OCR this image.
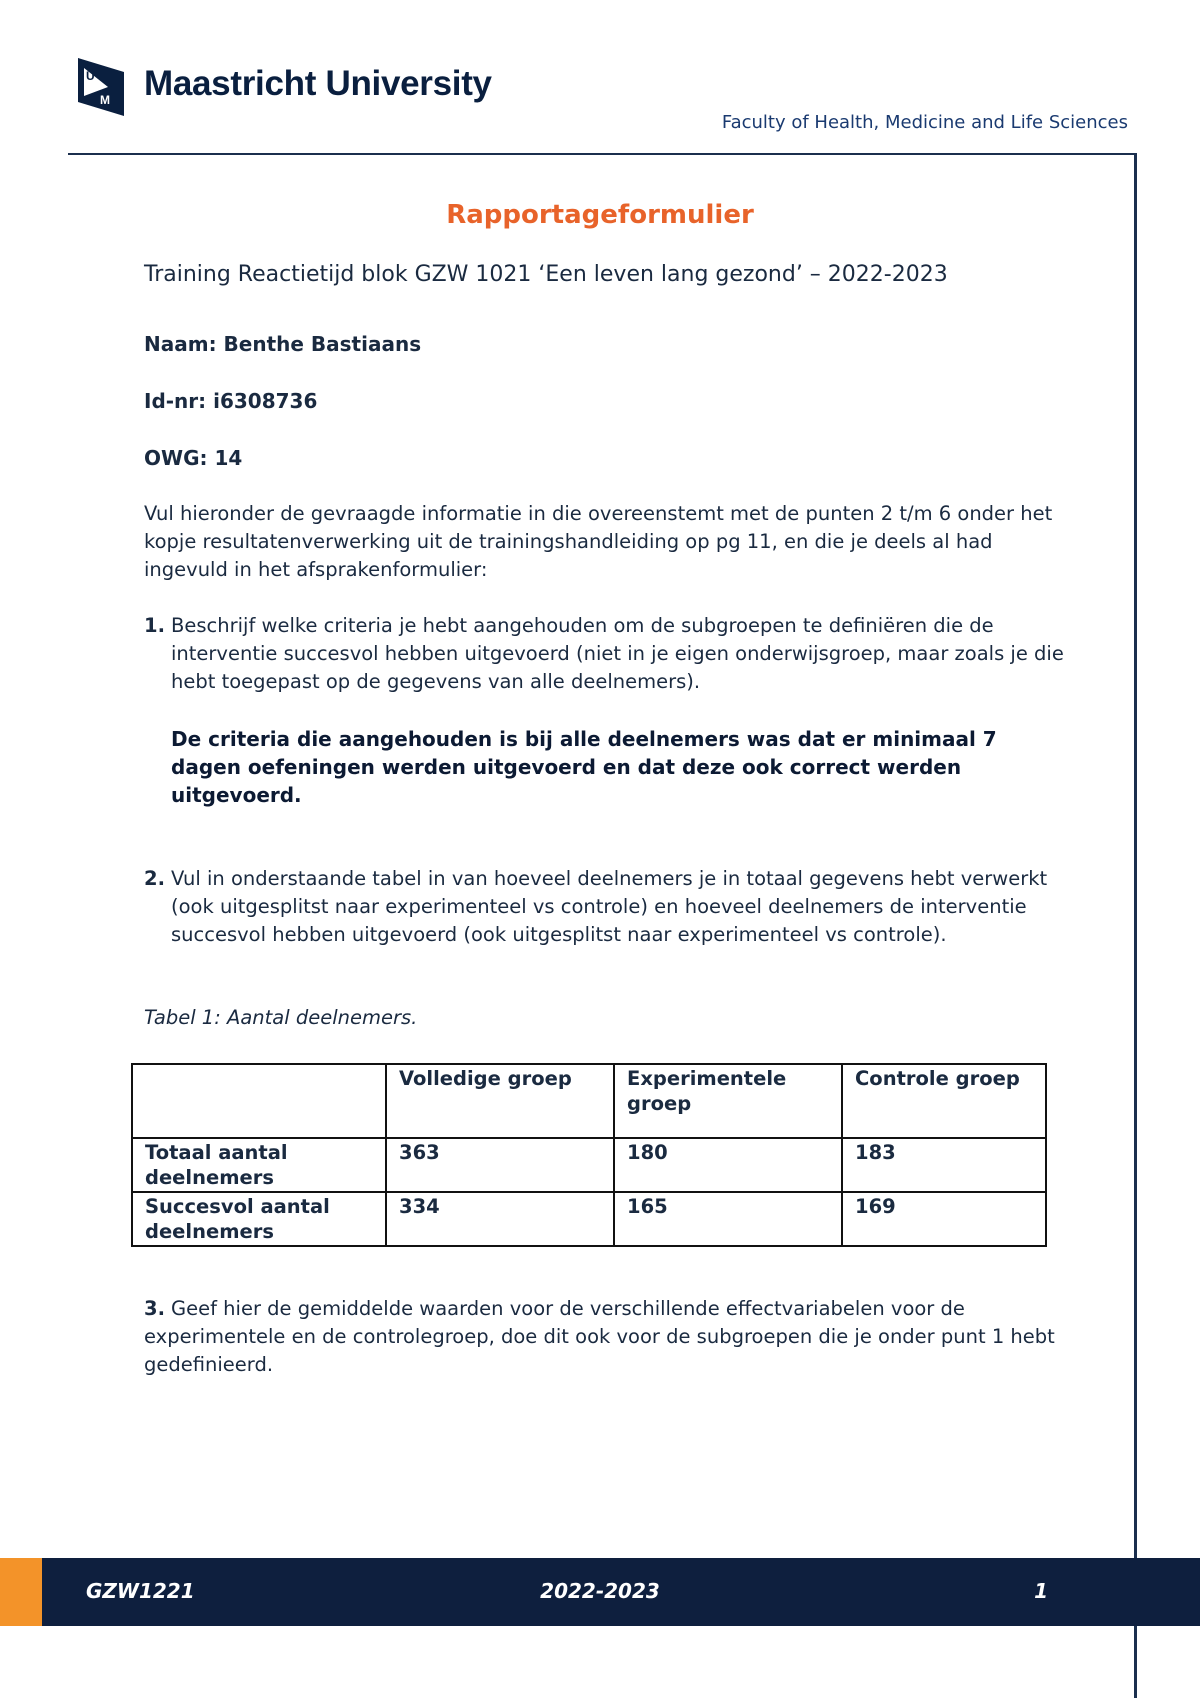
U
M Maastricht University
Faculty of Health, Medicine and Life Sciences
Rapportageformulier
Training Reactietijd blok GZW 1021 ‘Een leven lang gezond’ – 2022-2023
Naam: Benthe Bastiaans
Id-nr: i6308736
OWG: 14
Vul hieronder de gevraagde informatie in die overeenstemt met de punten 2 t/m 6 onder het kopje resultatenverwerking uit de trainingshandleiding op pg 11, en die je deels al had ingevuld in het afsprakenformulier:
1. Beschrijf welke criteria je hebt aangehouden om de subgroepen te definiëren die de interventie succesvol hebben uitgevoerd (niet in je eigen onderwijsgroep, maar zoals je die hebt toegepast op de gegevens van alle deelnemers).
De criteria die aangehouden is bij alle deelnemers was dat er minimaal 7 dagen oefeningen werden uitgevoerd en dat deze ook correct werden uitgevoerd.
2. Vul in onderstaande tabel in van hoeveel deelnemers je in totaal gegevens hebt verwerkt (ook uitgesplitst naar experimenteel vs controle) en hoeveel deelnemers de interventie succesvol hebben uitgevoerd (ook uitgesplitst naar experimenteel vs controle).
Tabel 1: Aantal deelnemers.
	Volledige groep	Experimentele groep	Controle groep
Totaal aantal deelnemers	363	180	183
Succesvol aantal deelnemers	334	165	169
3. Geef hier de gemiddelde waarden voor de verschillende effectvariabelen voor de experimentele en de controlegroep, doe dit ook voor de subgroepen die je onder punt 1 hebt gedefinieerd.
GZW1221	2022-2023	1
